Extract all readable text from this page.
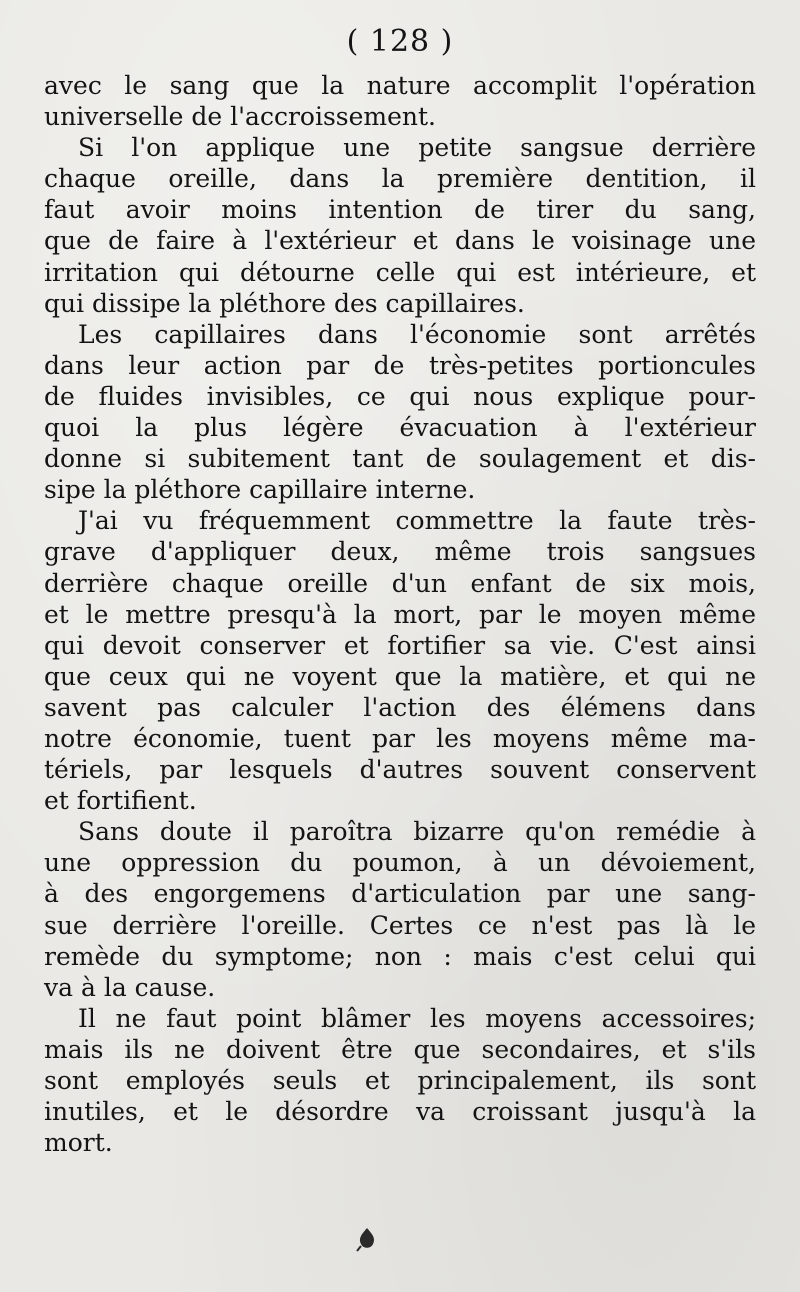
( 128 )
avec le sang que la nature accomplit l'opération
universelle de l'accroissement.
Si l'on applique une petite sangsue derrière
chaque oreille, dans la première dentition, il
faut avoir moins intention de tirer du sang,
que de faire à l'extérieur et dans le voisinage une
irritation qui détourne celle qui est intérieure, et
qui dissipe la pléthore des capillaires.
Les capillaires dans l'économie sont arrêtés
dans leur action par de très-petites portioncules
de fluides invisibles, ce qui nous explique pour-
quoi la plus légère évacuation à l'extérieur
donne si subitement tant de soulagement et dis-
sipe la pléthore capillaire interne.
J'ai vu fréquemment commettre la faute très-
grave d'appliquer deux, même trois sangsues
derrière chaque oreille d'un enfant de six mois,
et le mettre presqu'à la mort, par le moyen même
qui devoit conserver et fortifier sa vie. C'est ainsi
que ceux qui ne voyent que la matière, et qui ne
savent pas calculer l'action des élémens dans
notre économie, tuent par les moyens même ma-
tériels, par lesquels d'autres souvent conservent
et fortifient.
Sans doute il paroîtra bizarre qu'on remédie à
une oppression du poumon, à un dévoiement,
à des engorgemens d'articulation par une sang-
sue derrière l'oreille. Certes ce n'est pas là le
remède du symptome; non : mais c'est celui qui
va à la cause.
Il ne faut point blâmer les moyens accessoires;
mais ils ne doivent être que secondaires, et s'ils
sont employés seuls et principalement, ils sont
inutiles, et le désordre va croissant jusqu'à la
mort.
